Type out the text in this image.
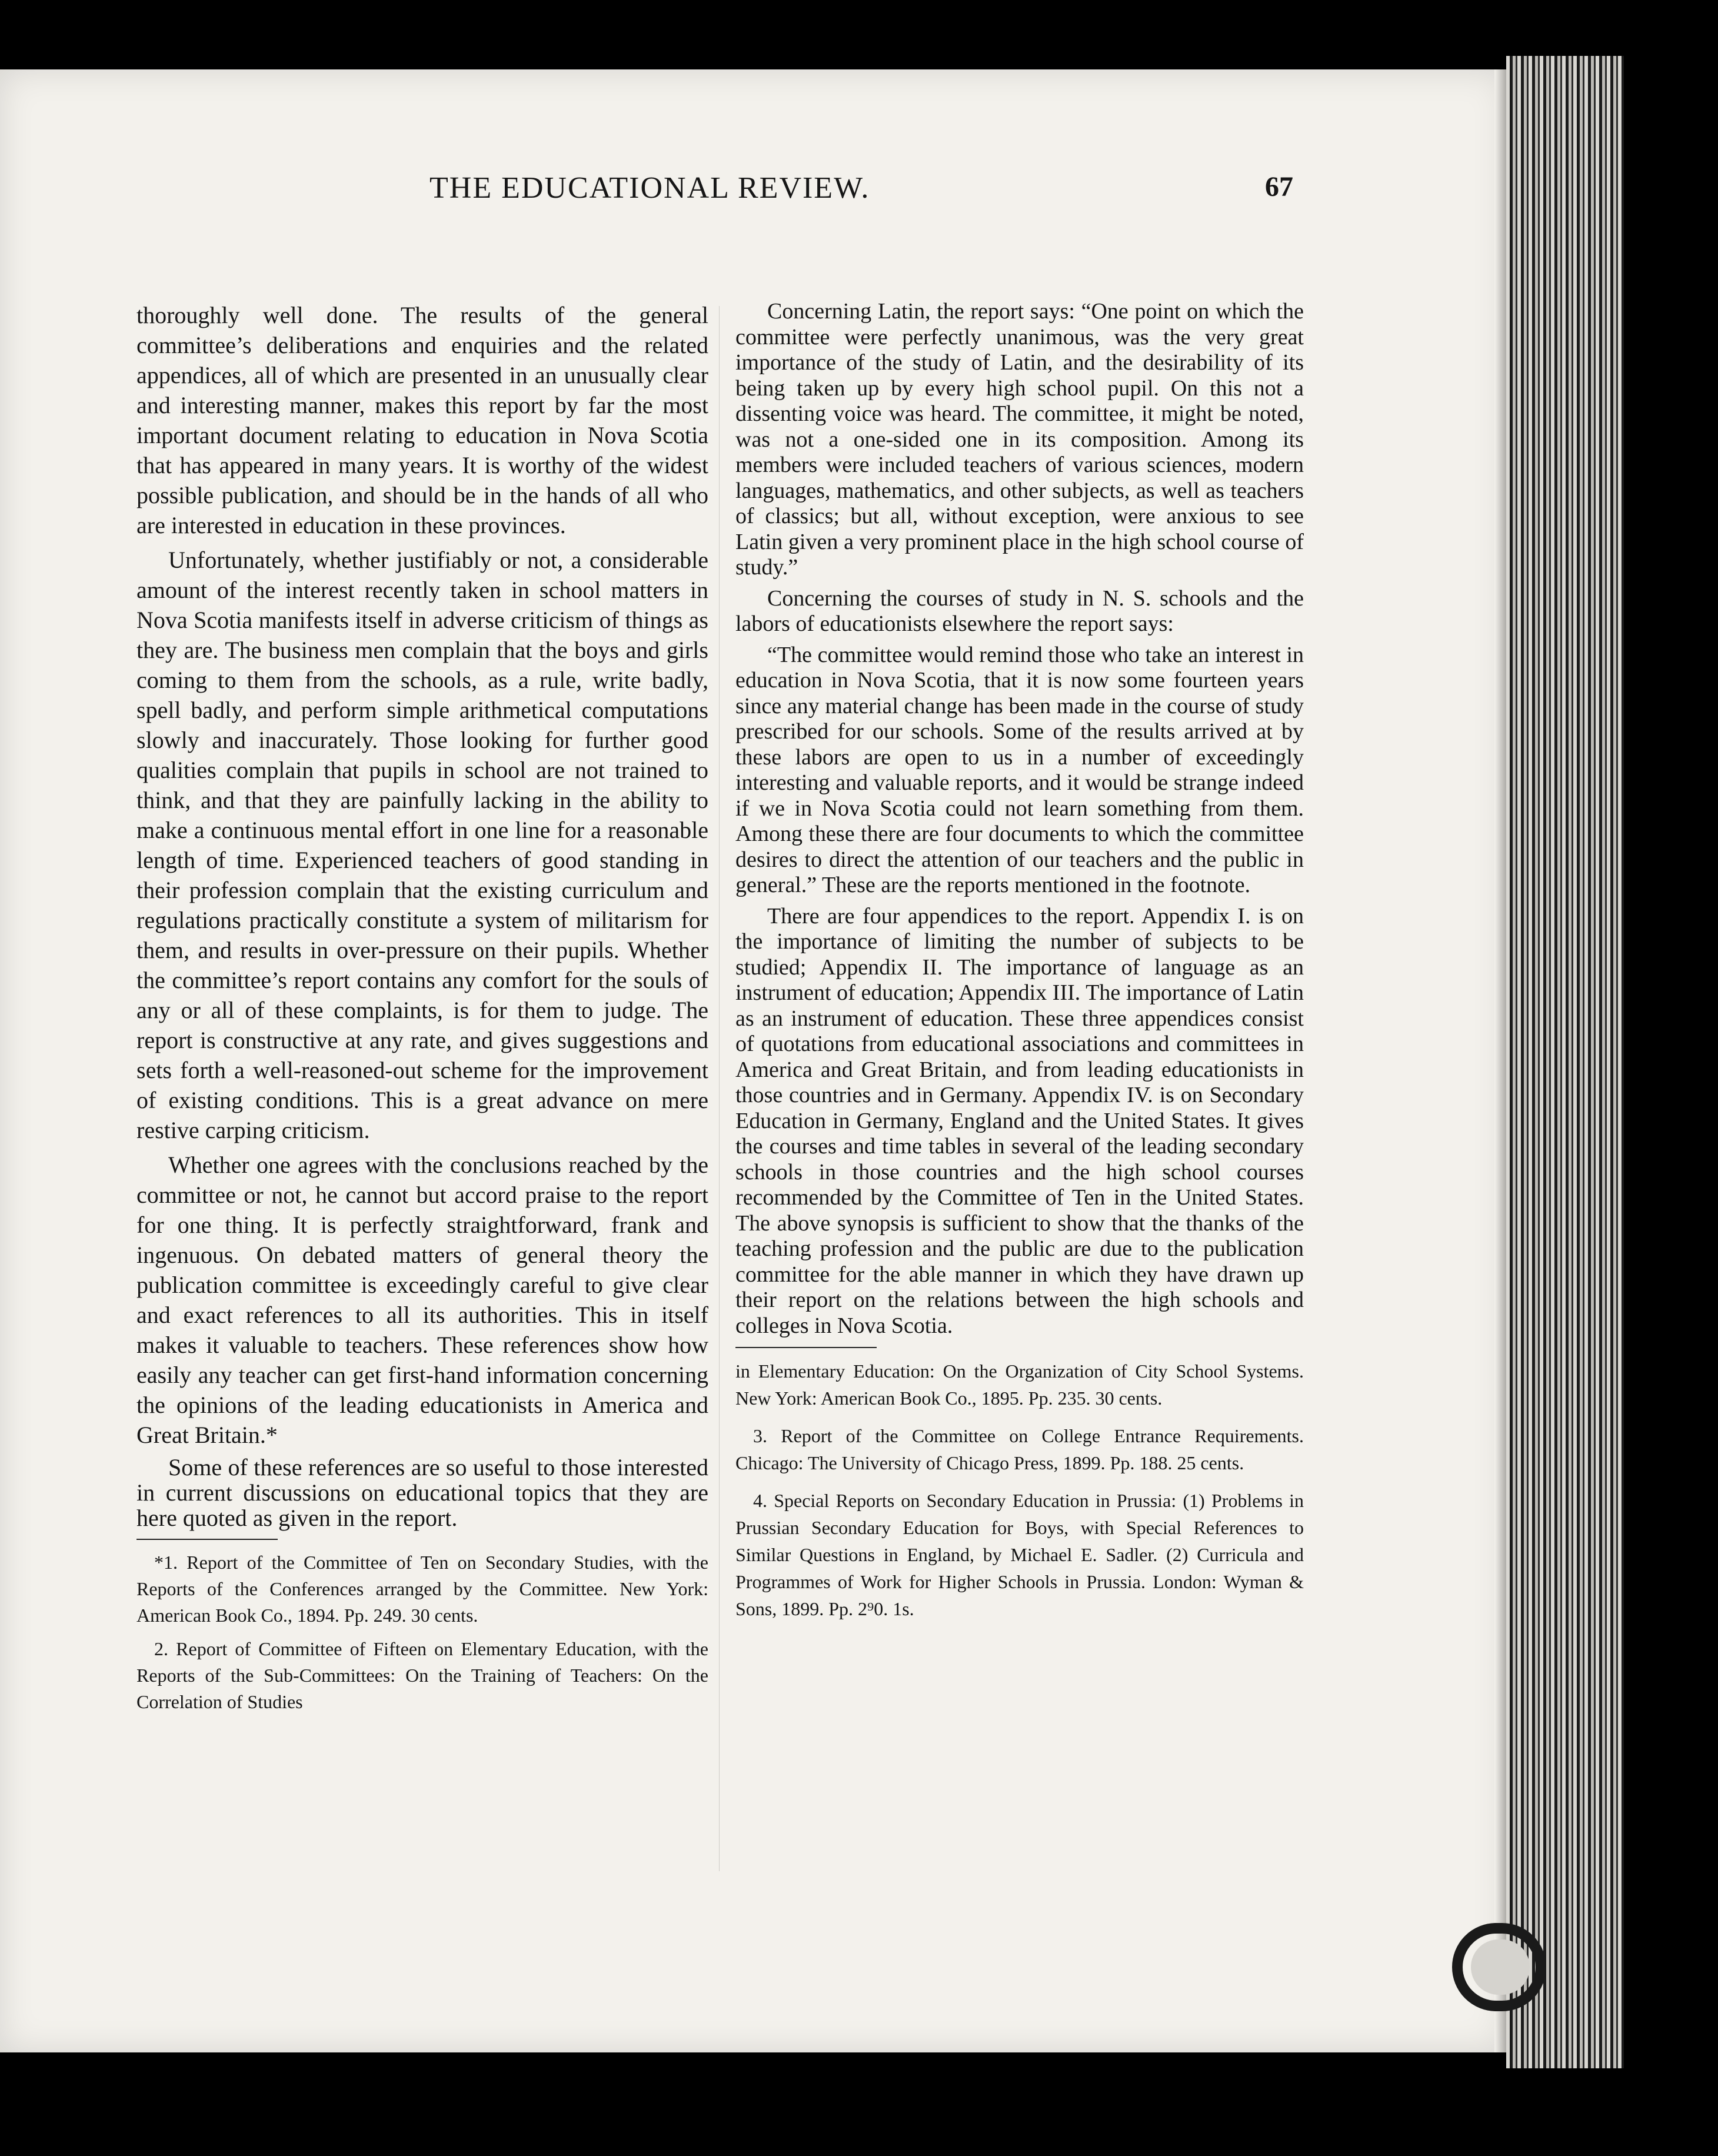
THE EDUCATIONAL REVIEW.	67

thoroughly well done. The results of the general committee’s deliberations and enquiries and the related appendices, all of which are presented in an unusually clear and interesting manner, makes this report by far the most important document relating to education in Nova Scotia that has appeared in many years. It is worthy of the widest possible publication, and should be in the hands of all who are interested in education in these provinces.

Unfortunately, whether justifiably or not, a considerable amount of the interest recently taken in school matters in Nova Scotia manifests itself in adverse criticism of things as they are. The business men complain that the boys and girls coming to them from the schools, as a rule, write badly, spell badly, and perform simple arithmetical computations slowly and inaccurately. Those looking for further good qualities complain that pupils in school are not trained to think, and that they are painfully lacking in the ability to make a continuous mental effort in one line for a reasonable length of time. Experienced teachers of good standing in their profession complain that the existing curriculum and regulations practically constitute a system of militarism for them, and results in over-pressure on their pupils. Whether the committee’s report contains any comfort for the souls of any or all of these complaints, is for them to judge. The report is constructive at any rate, and gives suggestions and sets forth a well-reasoned-out scheme for the improvement of existing conditions. This is a great advance on mere restive carping criticism.

Whether one agrees with the conclusions reached by the committee or not, he cannot but accord praise to the report for one thing. It is perfectly straightforward, frank and ingenuous. On debated matters of general theory the publication committee is exceedingly careful to give clear and exact references to all its authorities. This in itself makes it valuable to teachers. These references show how easily any teacher can get first-hand information concerning the opinions of the leading educationists in America and Great Britain.*

Some of these references are so useful to those interested in current discussions on educational topics that they are here quoted as given in the report.

*1. Report of the Committee of Ten on Secondary Studies, with the Reports of the Conferences arranged by the Committee. New York: American Book Co., 1894. Pp. 249. 30 cents.

2. Report of Committee of Fifteen on Elementary Education, with the Reports of the Sub-Committees: On the Training of Teachers: On the Correlation of Studies

Concerning Latin, the report says: “One point on which the committee were perfectly unanimous, was the very great importance of the study of Latin, and the desirability of its being taken up by every high school pupil. On this not a dissenting voice was heard. The committee, it might be noted, was not a one-sided one in its composition. Among its members were included teachers of various sciences, modern languages, mathematics, and other subjects, as well as teachers of classics; but all, without exception, were anxious to see Latin given a very prominent place in the high school course of study.”

Concerning the courses of study in N. S. schools and the labors of educationists elsewhere the report says:

“The committee would remind those who take an interest in education in Nova Scotia, that it is now some fourteen years since any material change has been made in the course of study prescribed for our schools. Some of the results arrived at by these labors are open to us in a number of exceedingly interesting and valuable reports, and it would be strange indeed if we in Nova Scotia could not learn something from them. Among these there are four documents to which the committee desires to direct the attention of our teachers and the public in general.” These are the reports mentioned in the footnote.

There are four appendices to the report. Appendix I. is on the importance of limiting the number of subjects to be studied; Appendix II. The importance of language as an instrument of education; Appendix III. The importance of Latin as an instrument of education. These three appendices consist of quotations from educational associations and committees in America and Great Britain, and from leading educationists in those countries and in Germany. Appendix IV. is on Secondary Education in Germany, England and the United States. It gives the courses and time tables in several of the leading secondary schools in those countries and the high school courses recommended by the Committee of Ten in the United States. The above synopsis is sufficient to show that the thanks of the teaching profession and the public are due to the publication committee for the able manner in which they have drawn up their report on the relations between the high schools and colleges in Nova Scotia.

in Elementary Education: On the Organization of City School Systems. New York: American Book Co., 1895. Pp. 235. 30 cents.

3. Report of the Committee on College Entrance Requirements. Chicago: The University of Chicago Press, 1899. Pp. 188. 25 cents.

4. Special Reports on Secondary Education in Prussia: (1) Problems in Prussian Secondary Education for Boys, with Special References to Similar Questions in England, by Michael E. Sadler. (2) Curricula and Programmes of Work for Higher Schools in Prussia. London: Wyman & Sons, 1899. Pp. 2⁹0. 1s.
